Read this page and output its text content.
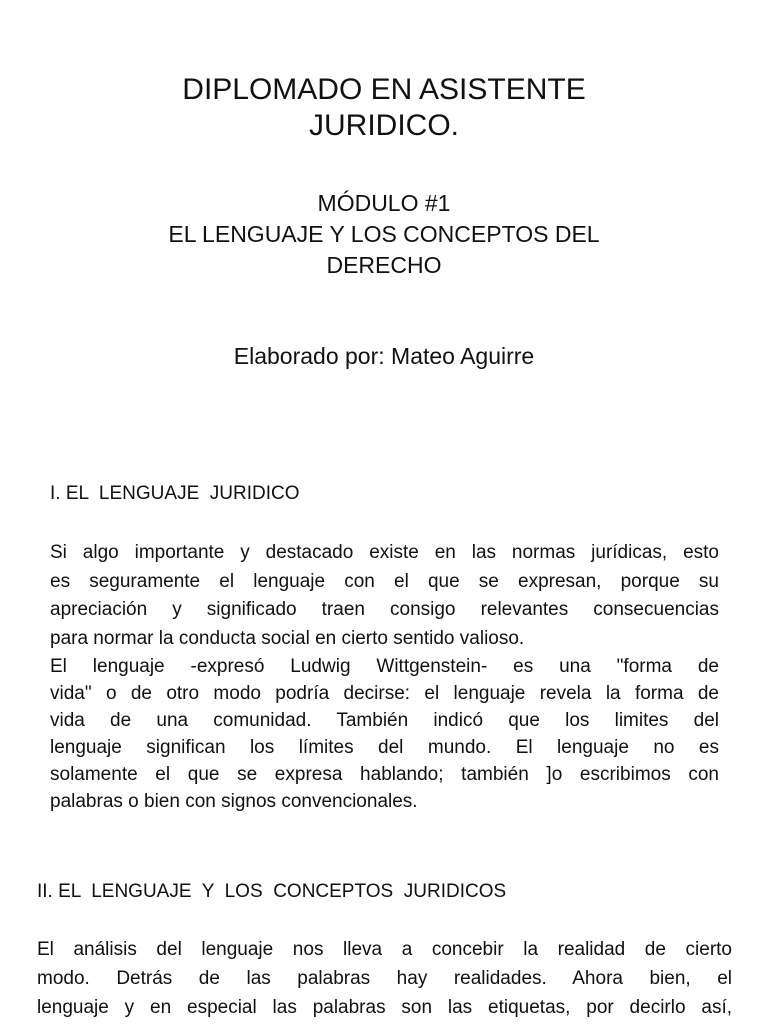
DIPLOMADO EN ASISTENTE
JURIDICO.
MÓDULO #1
EL LENGUAJE Y LOS CONCEPTOS DEL
DERECHO
Elaborado por: Mateo Aguirre
I. EL  LENGUAJE  JURIDICO

Si algo importante y destacado existe en las normas jurídicas, esto
es seguramente el lenguaje con el que se expresan, porque su
apreciación y significado traen consigo relevantes consecuencias
para normar la conducta social en cierto sentido valioso.

El lenguaje -expresó Ludwig Wittgenstein- es una "forma de
vida" o de otro modo podría decirse: el lenguaje revela la forma de
vida de una comunidad. También indicó que los limites del
lenguaje significan los límites del mundo. El lenguaje no es
solamente el que se expresa hablando; también ]o escribimos con
palabras o bien con signos convencionales.

II. EL  LENGUAJE  Y  LOS  CONCEPTOS  JURIDICOS

El análisis del lenguaje nos lleva a concebir la realidad de cierto
modo. Detrás de las palabras hay realidades. Ahora bien, el
lenguaje y en especial las palabras son las etiquetas, por decirlo así,
